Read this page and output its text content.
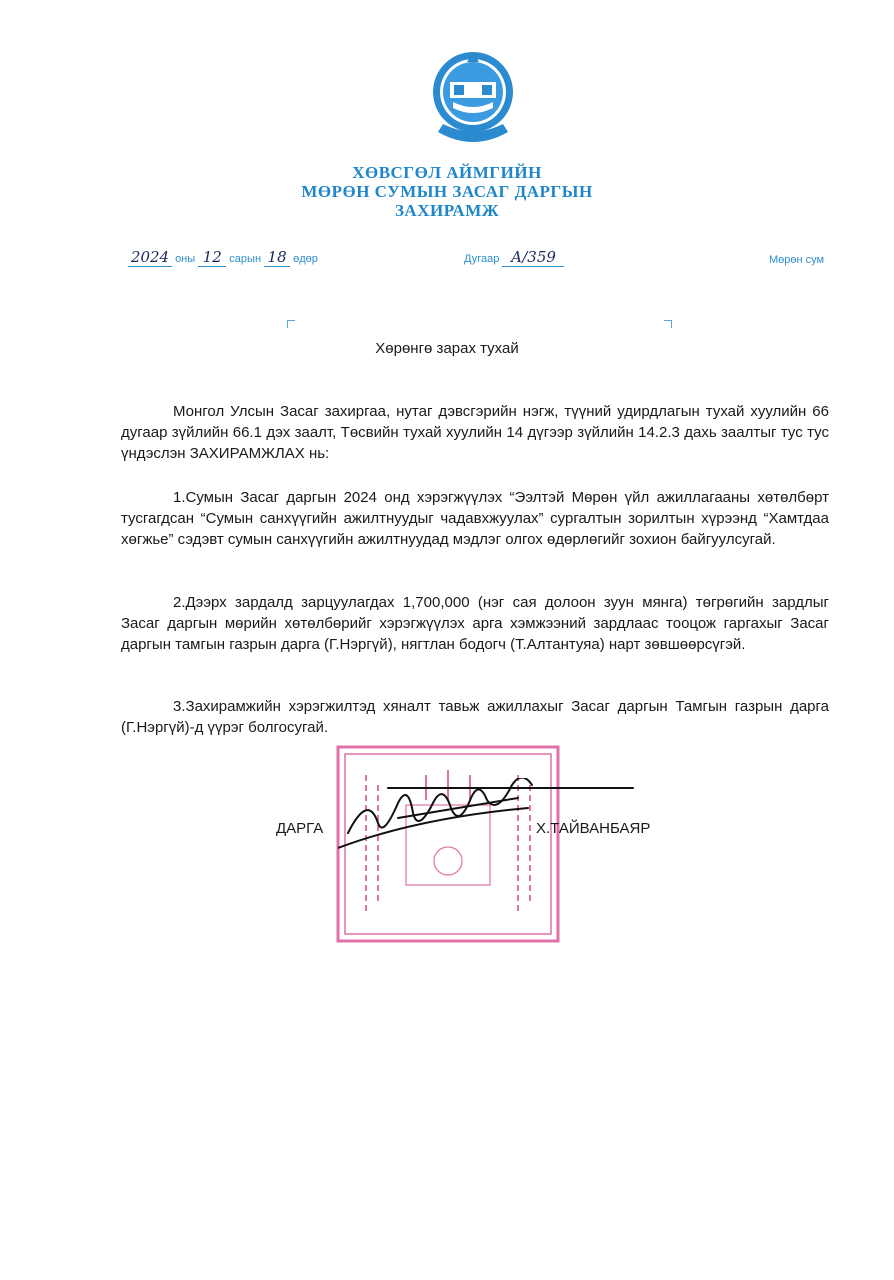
ХӨВСГӨЛ АЙМГИЙН
МӨРӨН СУМЫН ЗАСАГ ДАРГЫН
ЗАХИРАМЖ
2024 оны 12 сарын 18 өдөр	Дугаар А/359	Мөрөн сум
Хөрөнгө зарах тухай

Монгол Улсын Засаг захиргаа, нутаг дэвсгэрийн нэгж, түүний удирдлагын тухай хуулийн 66 дугаар зүйлийн 66.1 дэх заалт, Төсвийн тухай хуулийн 14 дүгээр зүйлийн 14.2.3 дахь заалтыг тус тус үндэслэн ЗАХИРАМЖЛАХ нь:

1.Сумын Засаг даргын 2024 онд хэрэгжүүлэх “Ээлтэй Мөрөн үйл ажиллагааны хөтөлбөрт тусгагдсан “Сумын санхүүгийн ажилтнуудыг чадавхжуулах” сургалтын зорилтын хүрээнд “Хамтдаа хөгжье” сэдэвт сумын санхүүгийн ажилтнуудад мэдлэг олгох өдөрлөгийг зохион байгуулсугай.

2.Дээрх зардалд зарцуулагдах 1,700,000 (нэг сая долоон зуун мянга) төгрөгийн зардлыг Засаг даргын мөрийн хөтөлбөрийг хэрэгжүүлэх арга хэмжээний зардлаас тооцож гаргахыг Засаг даргын тамгын газрын дарга (Г.Нэргүй), нягтлан бодогч (Т.Алтантуяа) нарт зөвшөөрсүгэй.

3.Захирамжийн хэрэгжилтэд хяналт тавьж ажиллахыг Засаг даргын Тамгын газрын дарга (Г.Нэргүй)-д үүрэг болгосугай.

ДАРГА	Х.ТАЙВАНБАЯР
